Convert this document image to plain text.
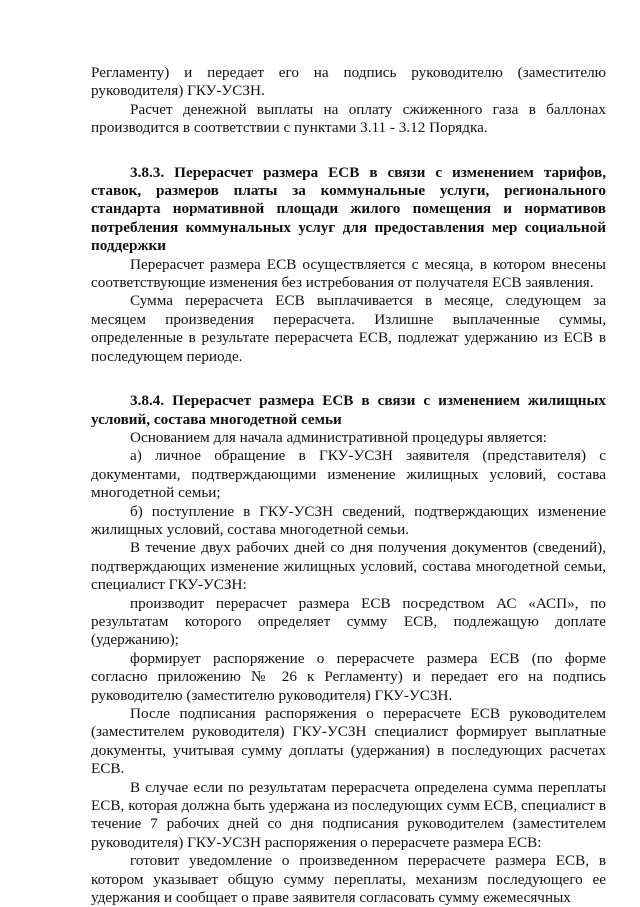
Регламенту) и передает его на подпись руководителю (заместителю руководителя) ГКУ-УСЗН.

Расчет денежной выплаты на оплату сжиженного газа в баллонах производится в соответствии с пунктами 3.11 - 3.12 Порядка.

3.8.3. Перерасчет размера ЕСВ в связи с изменением тарифов, ставок, размеров платы за коммунальные услуги, регионального стандарта нормативной площади жилого помещения и нормативов потребления коммунальных услуг для предоставления мер социальной поддержки

Перерасчет размера ЕСВ осуществляется с месяца, в котором внесены соответствующие изменения без истребования от получателя ЕСВ заявления.

Сумма перерасчета ЕСВ выплачивается в месяце, следующем за месяцем произведения перерасчета. Излишне выплаченные суммы, определенные в результате перерасчета ЕСВ, подлежат удержанию из ЕСВ в последующем периоде.

3.8.4. Перерасчет размера ЕСВ в связи с изменением жилищных условий, состава многодетной семьи

Основанием для начала административной процедуры является:

а) личное обращение в ГКУ-УСЗН заявителя (представителя) с документами, подтверждающими изменение жилищных условий, состава многодетной семьи;

б) поступление в ГКУ-УСЗН сведений, подтверждающих изменение жилищных условий, состава многодетной семьи.

В течение двух рабочих дней со дня получения документов (сведений), подтверждающих изменение жилищных условий, состава многодетной семьи, специалист ГКУ-УСЗН:

производит перерасчет размера ЕСВ посредством АС «АСП», по результатам которого определяет сумму ЕСВ, подлежащую доплате (удержанию);

формирует распоряжение о перерасчете размера ЕСВ (по форме согласно приложению № 26 к Регламенту) и передает его на подпись руководителю (заместителю руководителя) ГКУ-УСЗН.

После подписания распоряжения о перерасчете ЕСВ руководителем (заместителем руководителя) ГКУ-УСЗН специалист формирует выплатные документы, учитывая сумму доплаты (удержания) в последующих расчетах ЕСВ.

В случае если по результатам перерасчета определена сумма переплаты ЕСВ, которая должна быть удержана из последующих сумм ЕСВ, специалист в течение 7 рабочих дней со дня подписания руководителем (заместителем руководителя) ГКУ-УСЗН распоряжения о перерасчете размера ЕСВ:

готовит уведомление о произведенном перерасчете размера ЕСВ, в котором указывает общую сумму переплаты, механизм последующего ее удержания и сообщает о праве заявителя согласовать сумму ежемесячных
